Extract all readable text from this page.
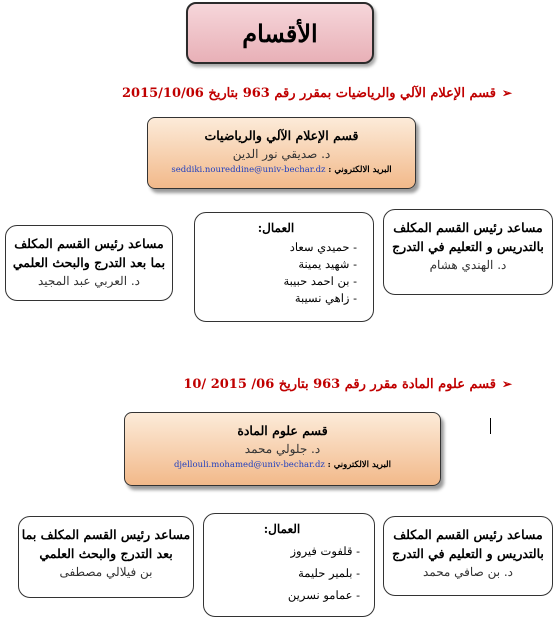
الأقسام
➢قسم الإعلام الآلي والرياضيات بمقرر رقم 963 بتاريخ 2015/10/06
قسم الإعلام الآلي والرياضيات
د. صديقي نور الدين
البريد الالكتروني : seddiki.noureddine@univ-bechar.dz
مساعد رئيس القسم المكلف بالتدريس و التعليم في التدرج
د. الهندي هشام
العمال:
- حميدي سعاد
- شهيد يمينة
- بن احمد حبيبة
- زاهي نسيبة
مساعد رئيس القسم المكلف بما بعد التدرج والبحث العلمي
د. العربي عبد المجيد
➢قسم علوم المادة مقرر رقم 963 بتاريخ 06/ 2015 /10
قسم علوم المادة
د. جلولي محمد
البريد الالكتروني : djellouli.mohamed@univ-bechar.dz
مساعد رئيس القسم المكلف بالتدريس و التعليم في التدرج
د. بن صافي محمد
العمال:
- قلفوت فيروز
- بلمير حليمة
- عمامو نسرين
مساعد رئيس القسم المكلف بما بعد التدرج والبحث العلمي
بن فيلالي مصطفى
